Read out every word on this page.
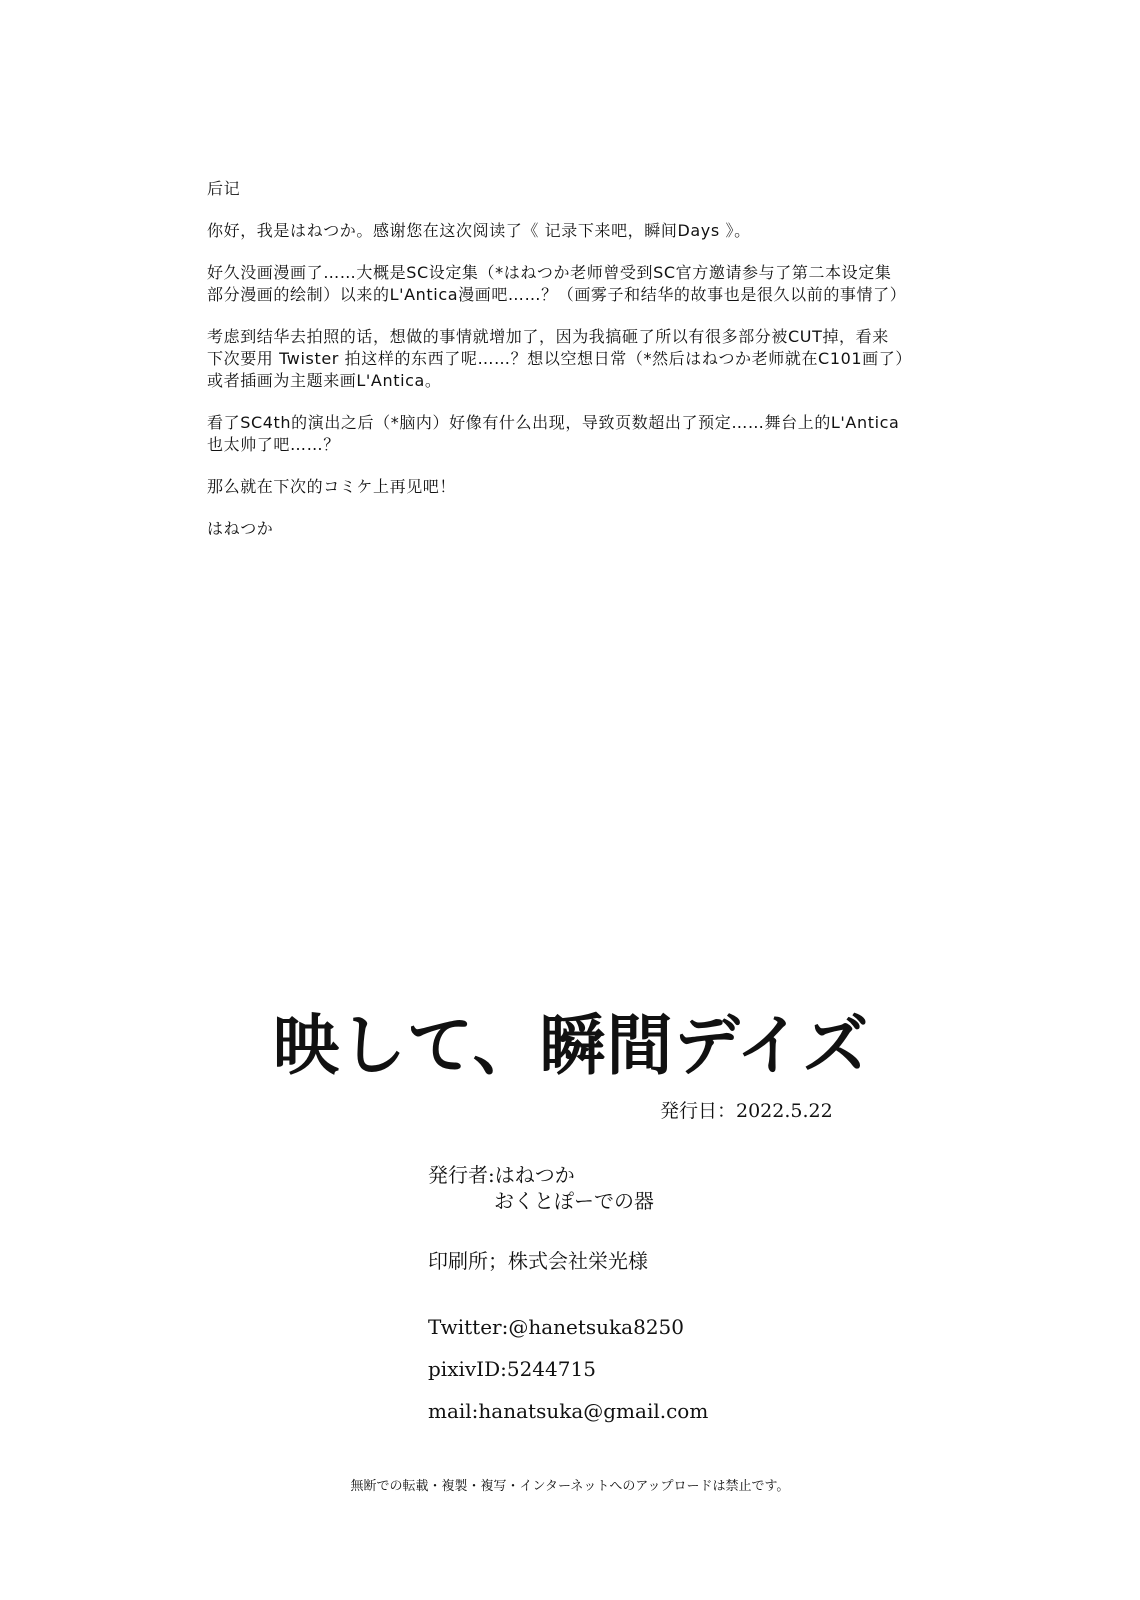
后记

你好，我是はねつか。感谢您在这次阅读了《 记录下来吧，瞬间Days 》。

好久没画漫画了……大概是SC设定集（*はねつか老师曾受到SC官方邀请参与了第二本设定集
部分漫画的绘制）以来的L'Antica漫画吧……？（画雾子和结华的故事也是很久以前的事情了）

考虑到结华去拍照的话，想做的事情就增加了，因为我搞砸了所以有很多部分被CUT掉，看来
下次要用 Twister 拍这样的东西了呢……？想以空想日常（*然后はねつか老师就在C101画了）
或者插画为主题来画L'Antica。

看了SC4th的演出之后（*脑内）好像有什么出现，导致页数超出了预定……舞台上的L'Antica
也太帅了吧……？

那么就在下次的コミケ上再见吧！

はねつか

映して、瞬間デイズ
発行日：2022.5.22
発行者:はねつか
おくとぽーでの器
印刷所；株式会社栄光様
Twitter:@hanetsuka8250
pixivID:5244715
mail:hanatsuka@gmail.com
無断での転載・複製・複写・インターネットへのアップロードは禁止です。
